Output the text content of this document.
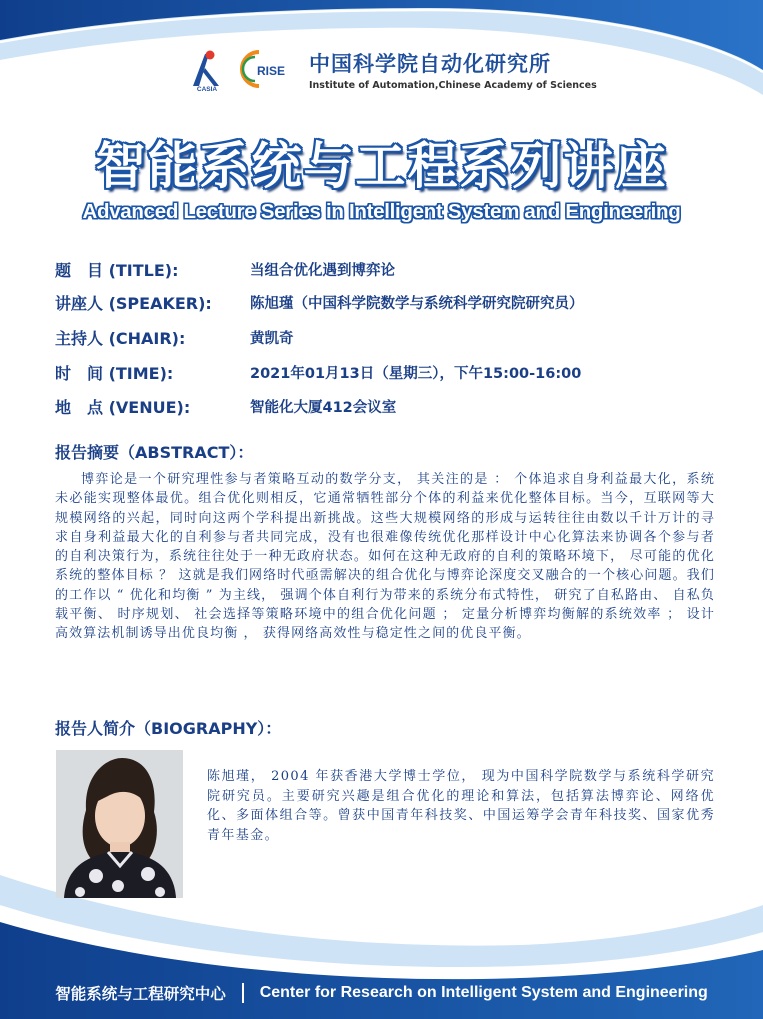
CASIA
RISE 中国科学院自动化研究所
Institute of Automation,Chinese Academy of Sciences
智能系统与工程系列讲座
Advanced Lecture Series in Intelligent System and Engineering
题　目 (TITLE):	当组合优化遇到博弈论
讲座人 (SPEAKER):	陈旭瑾（中国科学院数学与系统科学研究院研究员）
主持人 (CHAIR):	黄凯奇
时　间 (TIME):	2021年01月13日（星期三），下午15:00-16:00
地　点 (VENUE):	智能化大厦412会议室
报告摘要（ABSTRACT）：

博弈论是一个研究理性参与者策略互动的数学分支， 其关注的是 ： 个体追求自身利益最大化，系统未必能实现整体最优。组合优化则相反，它通常牺牲部分个体的利益来优化整体目标。当今，互联网等大规模网络的兴起，同时向这两个学科提出新挑战。这些大规模网络的形成与运转往往由数以千计万计的寻求自身利益最大化的自利参与者共同完成，没有也很难像传统优化那样设计中心化算法来协调各个参与者的自利决策行为，系统往往处于一种无政府状态。如何在这种无政府的自利的策略环境下， 尽可能的优化系统的整体目标 ？ 这就是我们网络时代亟需解决的组合优化与博弈论深度交叉融合的一个核心问题。我们的工作以 “ 优化和均衡 ” 为主线， 强调个体自利行为带来的系统分布式特性， 研究了自私路由、 自私负载平衡、 时序规划、 社会选择等策略环境中的组合优化问题 ； 定量分析博弈均衡解的系统效率 ； 设计高效算法机制诱导出优良均衡 ， 获得网络高效性与稳定性之间的优良平衡。

报告人简介（BIOGRAPHY）：

陈旭瑾， 2004 年获香港大学博士学位， 现为中国科学院数学与系统科学研究院研究员。主要研究兴趣是组合优化的理论和算法，包括算法博弈论、网络优化、多面体组合等。曾获中国青年科技奖、中国运筹学会青年科技奖、国家优秀青年基金。

智能系统与工程研究中心 Center for Research on Intelligent System and Engineering
